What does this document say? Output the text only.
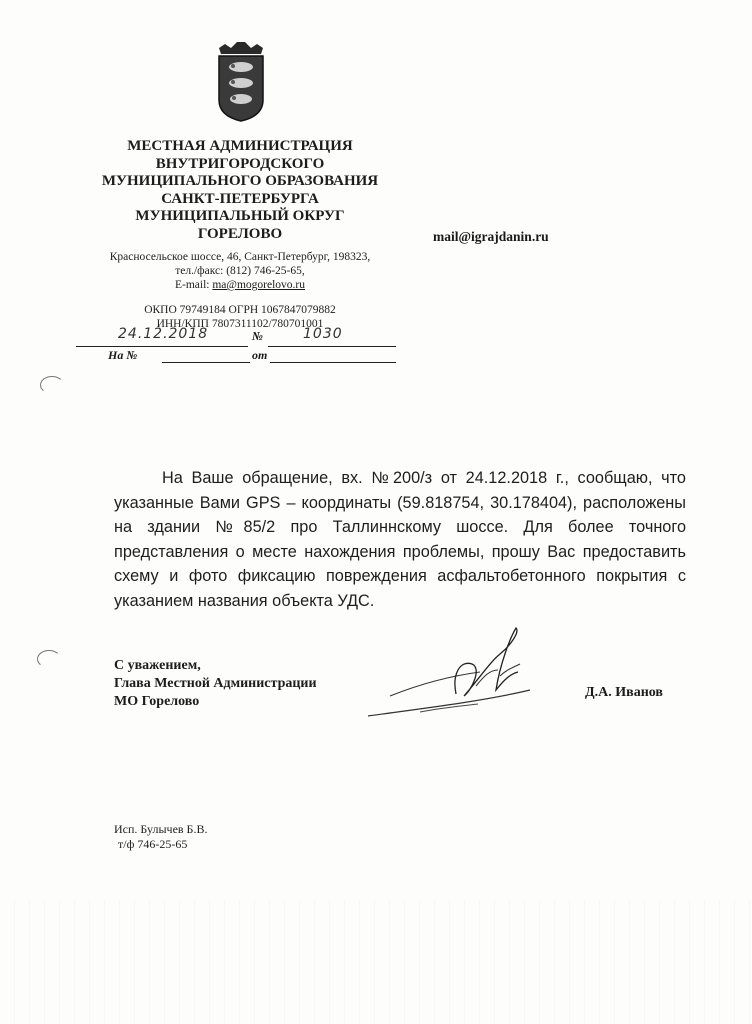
МЕСТНАЯ АДМИНИСТРАЦИЯ
ВНУТРИГОРОДСКОГО
МУНИЦИПАЛЬНОГО ОБРАЗОВАНИЯ
САНКТ-ПЕТЕРБУРГА
МУНИЦИПАЛЬНЫЙ ОКРУГ
ГОРЕЛОВО	mail@igrajdanin.ru
Красносельское шоссе, 46, Санкт-Петербург, 198323,
тел./факс: (812) 746-25-65,
E-mail: ma@mogorelovo.ru
ОКПО 79749184 ОГРН 1067847079882
ИНН/КПП 7807311102/780701001
24.12.2018	№	1030
На №	от
На Ваше обращение, вх. №200/з от 24.12.2018 г., сообщаю, что указанные Вами GPS – координаты (59.818754, 30.178404), расположены на здании №85/2 про Таллиннскому шоссе. Для более точного представления о месте нахождения проблемы, прошу Вас предоставить схему и фото фиксацию повреждения асфальтобетонного покрытия с указанием названия объекта УДС.
С уважением,
Глава Местной Администрации
МО Горелово
Д.А. Иванов
Исп. Булычев Б.В.
т/ф 746-25-65
